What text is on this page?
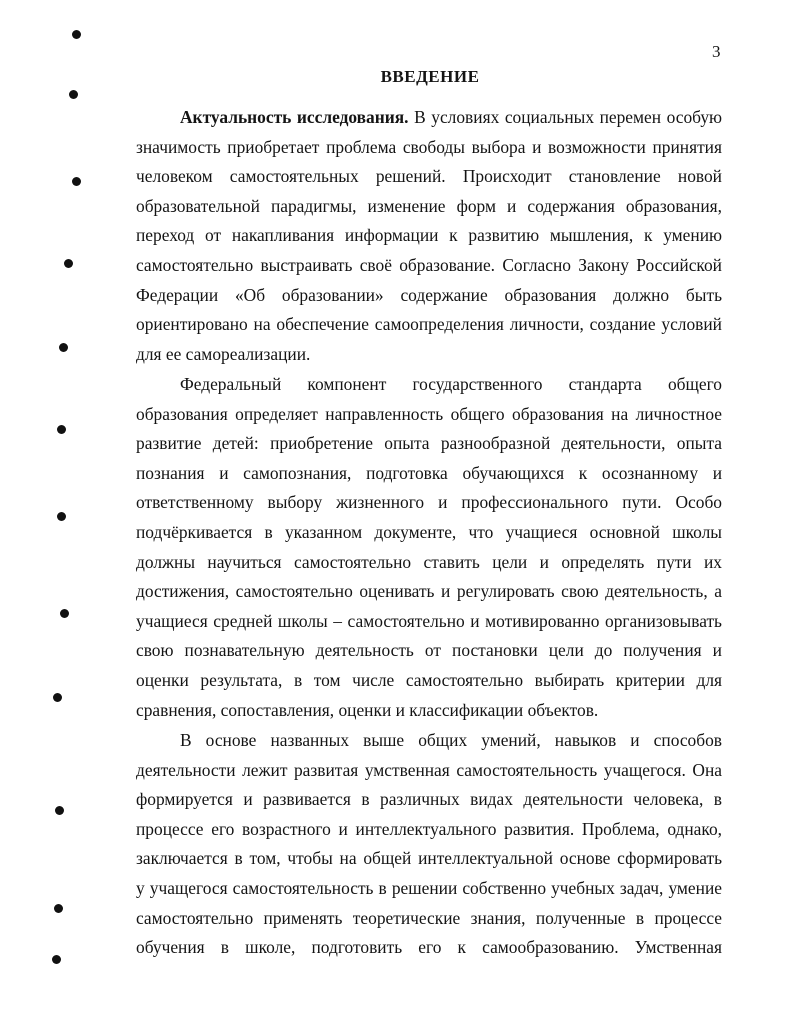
3
ВВЕДЕНИЕ
Актуальность исследования. В условиях социальных перемен особую
значимость приобретает проблема свободы выбора и возможности принятия
человеком самостоятельных решений. Происходит становление новой
образовательной парадигмы, изменение форм и содержания образования,
переход от накапливания информации к развитию мышления, к умению
самостоятельно выстраивать своё образование. Согласно Закону Российской
Федерации «Об образовании» содержание образования должно быть
ориентировано на обеспечение самоопределения личности, создание условий
для ее самореализации.
Федеральный компонент государственного стандарта общего
образования определяет направленность общего образования на личностное
развитие детей: приобретение опыта разнообразной деятельности, опыта
познания и самопознания, подготовка обучающихся к осознанному и
ответственному выбору жизненного и профессионального пути. Особо
подчёркивается в указанном документе, что учащиеся основной школы
должны научиться самостоятельно ставить цели и определять пути их
достижения, самостоятельно оценивать и регулировать свою деятельность, а
учащиеся средней школы – самостоятельно и мотивированно организовывать
свою познавательную деятельность от постановки цели до получения и
оценки результата, в том числе самостоятельно выбирать критерии для
сравнения, сопоставления, оценки и классификации объектов.
В основе названных выше общих умений, навыков и способов
деятельности лежит развитая умственная самостоятельность учащегося. Она
формируется и развивается в различных видах деятельности человека, в
процессе его возрастного и интеллектуального развития. Проблема, однако,
заключается в том, чтобы на общей интеллектуальной основе сформировать
у учащегося самостоятельность в решении собственно учебных задач, умение
самостоятельно применять теоретические знания, полученные в процессе
обучения в школе, подготовить его к самообразованию. Умственная
